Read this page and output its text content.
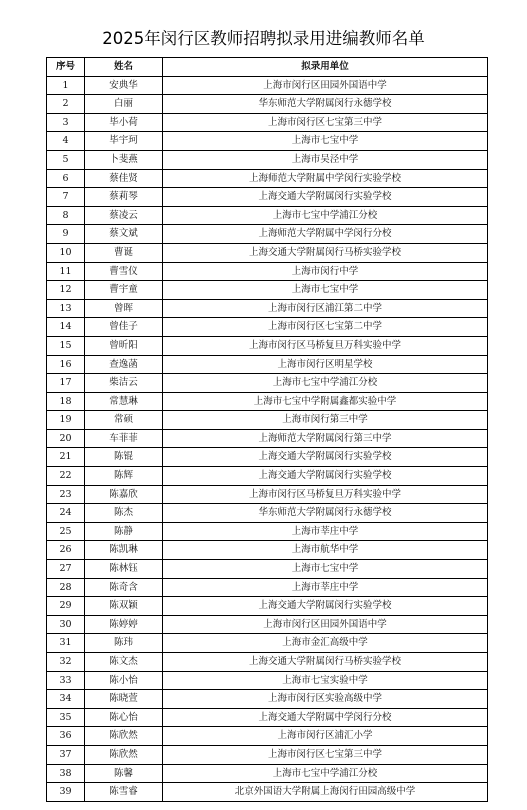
2025年闵行区教师招聘拟录用进编教师名单
序号	姓名	拟录用单位
1	安典华	上海市闵行区田园外国语中学
2	白丽	华东师范大学附属闵行永德学校
3	毕小荷	上海市闵行区七宝第三中学
4	毕宇珂	上海市七宝中学
5	卜斐燕	上海市吴泾中学
6	蔡佳贤	上海师范大学附属中学闵行实验学校
7	蔡莉琴	上海交通大学附属闵行实验学校
8	蔡凌云	上海市七宝中学浦江分校
9	蔡文斌	上海师范大学附属中学闵行分校
10	曹诞	上海交通大学附属闵行马桥实验学校
11	曹雪仪	上海市闵行中学
12	曹宇童	上海市七宝中学
13	曾晖	上海市闵行区浦江第二中学
14	曾佳子	上海市闵行区七宝第二中学
15	曾昕阳	上海市闵行区马桥复旦万科实验中学
16	查逸菡	上海市闵行区明星学校
17	柴洁云	上海市七宝中学浦江分校
18	常慧琳	上海市七宝中学附属鑫都实验中学
19	常硕	上海市闵行第三中学
20	车菲菲	上海师范大学附属闵行第三中学
21	陈锟	上海交通大学附属闵行实验学校
22	陈辉	上海交通大学附属闵行实验学校
23	陈嘉欣	上海市闵行区马桥复旦万科实验中学
24	陈杰	华东师范大学附属闵行永德学校
25	陈静	上海市莘庄中学
26	陈凯琳	上海市航华中学
27	陈林钰	上海市七宝中学
28	陈奇含	上海市莘庄中学
29	陈双颖	上海交通大学附属闵行实验学校
30	陈婷婷	上海市闵行区田园外国语中学
31	陈玮	上海市金汇高级中学
32	陈文杰	上海交通大学附属闵行马桥实验学校
33	陈小怡	上海市七宝实验中学
34	陈晓萱	上海市闵行区实验高级中学
35	陈心怡	上海交通大学附属中学闵行分校
36	陈欣然	上海市闵行区浦汇小学
37	陈欣然	上海市闵行区七宝第三中学
38	陈馨	上海市七宝中学浦江分校
39	陈雪睿	北京外国语大学附属上海闵行田园高级中学
